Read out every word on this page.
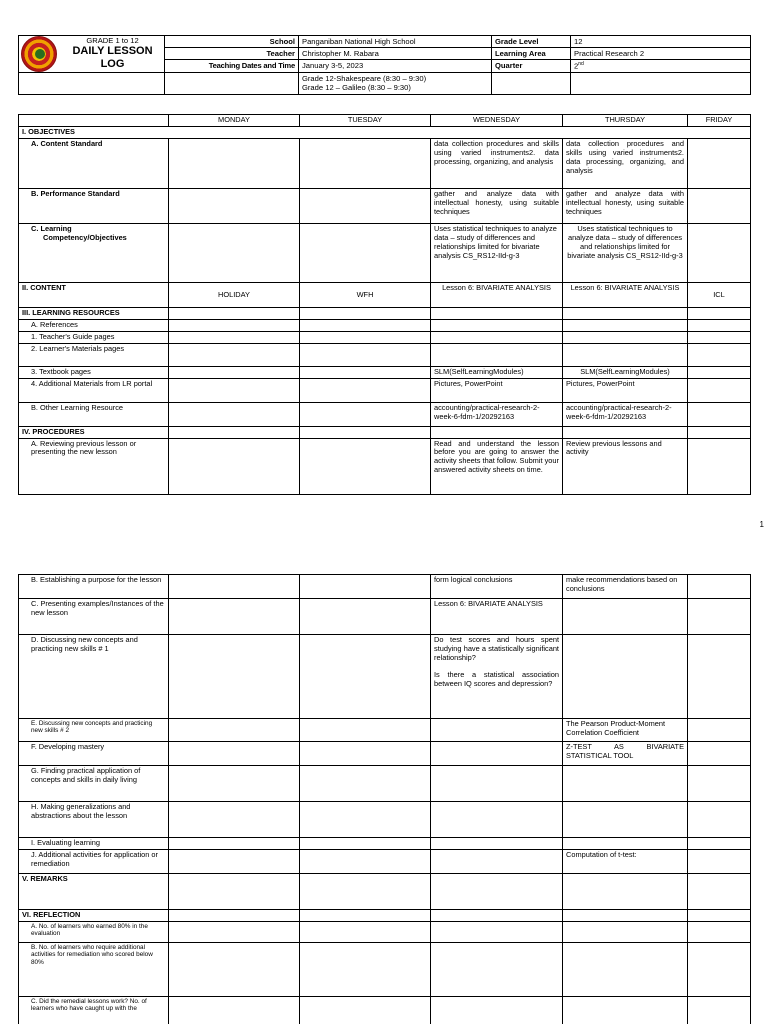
GRADE 1 to 12
DAILY LESSON
LOG	School	Panganiban National High School	Grade Level	12
	Teacher	Christopher M. Rabara	Learning Area	Practical Research 2
	Teaching Dates and Time	January 3-5, 2023	Quarter	2nd

		Grade 12-Shakespeare (8:30 – 9:30)
Grade 12 – Galileo (8:30 – 9:30)		

	MONDAY	TUESDAY	WEDNESDAY	THURSDAY	FRIDAY
I. OBJECTIVES					
A. Content Standard			data collection procedures and skills using varied instruments2. data processing, organizing, and analysis	data collection procedures and skills using varied instruments2. data processing, organizing, and analysis	
B. Performance Standard			gather and analyze data with intellectual honesty, using suitable techniques	gather and analyze data with intellectual honesty, using suitable techniques	

C. Learning
Competency/Objectives			Uses statistical techniques to analyze data – study of differences and relationships limited for bivariate analysis CS_RS12-IId-g-3	Uses statistical techniques to analyze data – study of differences and relationships limited for bivariate analysis CS_RS12-IId-g-3	
II. CONTENT	HOLIDAY	WFH	Lesson 6: BIVARIATE ANALYSIS	Lesson 6: BIVARIATE ANALYSIS	ICL
III. LEARNING RESOURCES					
A. References					
1. Teacher's Guide pages					
2. Learner's Materials pages					
3. Textbook pages			SLM(SelfLearningModules)	SLM(SelfLearningModules)	
4. Additional Materials from LR portal			Pictures, PowerPoint	Pictures, PowerPoint	
B. Other Learning Resource			accounting/practical-research-2-week-6-fdm-1/20292163	accounting/practical-research-2-week-6-fdm-1/20292163	
IV. PROCEDURES					
A. Reviewing previous lesson or presenting the new lesson			Read and understand the lesson before you are going to answer the activity sheets that follow. Submit your answered activity sheets on time.	Review previous lessons and activity	
1
B. Establishing a purpose for the lesson			form logical conclusions	make recommendations based on conclusions	
C. Presenting examples/Instances of the new lesson			Lesson 6: BIVARIATE ANALYSIS		
D. Discussing new concepts and practicing new skills # 1			Do test scores and hours spent studying have a statistically significant relationship?
Is there a statistical association between IQ scores and depression?		

E. Discussing new concepts and practicing new skills # 2				The Pearson Product-Moment Correlation Coefficient	
F. Developing mastery				Z-TEST AS BIVARIATE STATISTICAL TOOL	
G. Finding practical application of concepts and skills in daily living					
H. Making generalizations and abstractions about the lesson					
I. Evaluating learning					
J. Additional activities for application or remediation				Computation of t-test:	
V. REMARKS					
VI. REFLECTION					
A. No. of learners who earned 80% in the evaluation					
B. No. of learners who require additional activities for remediation who scored below 80%					
C. Did the remedial lessons work? No. of learners who have caught up with the					
